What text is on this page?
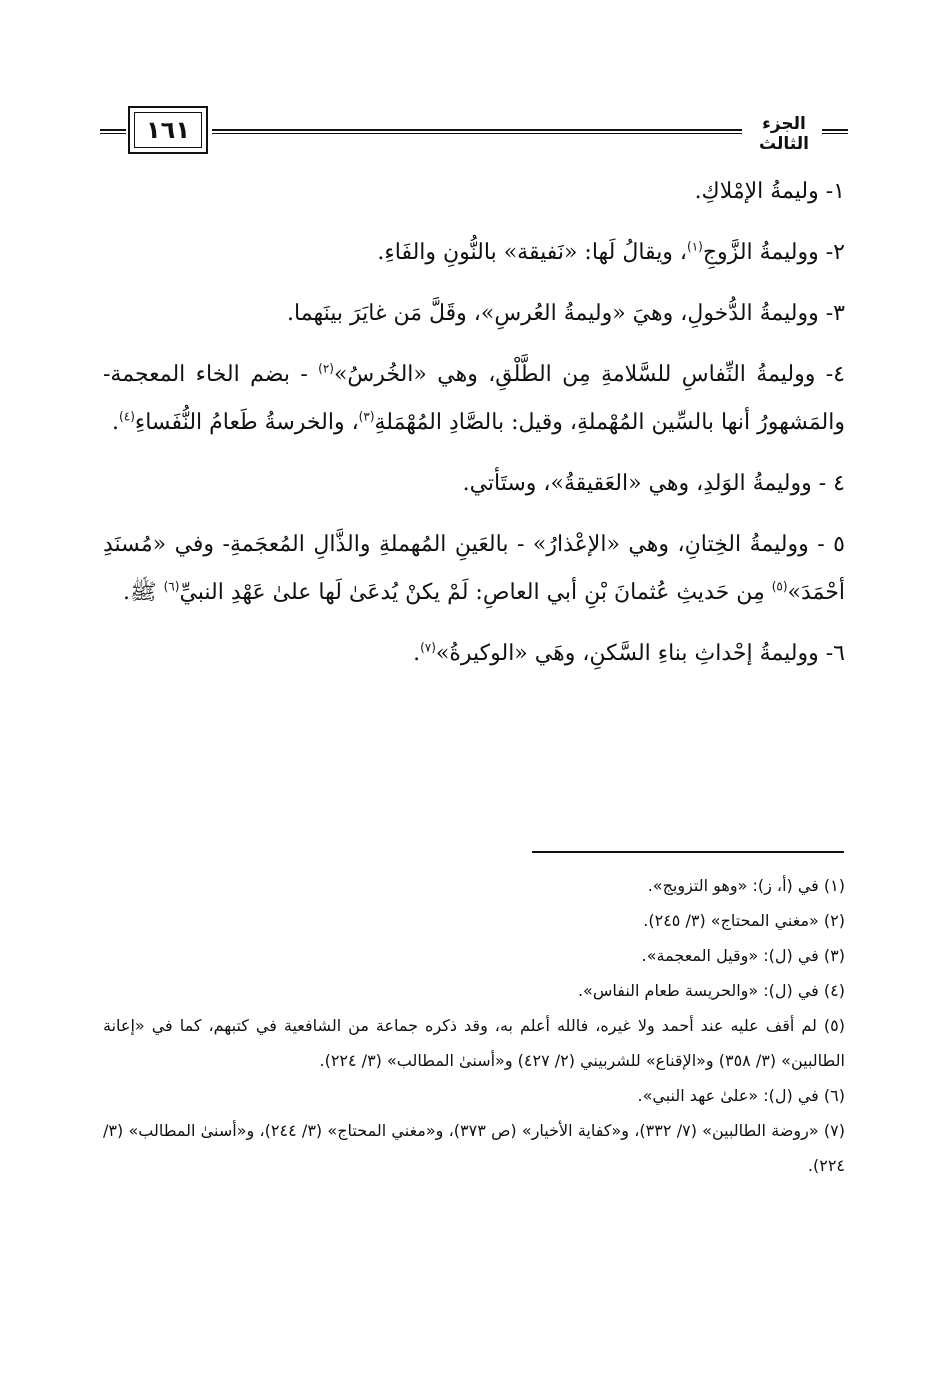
١٦١	الجزء الثالث

١- وليمةُ الإمْلاكِ.

٢- ووليمةُ الزَّوجِ$^{(١)}$، ويقالُ لَها: «نَفيقة» بالنُّونِ والفَاءِ.

٣- ووليمةُ الدُّخولِ، وهيَ «وليمةُ العُرسِ»، وقَلَّ مَن غايَرَ بينَهما.

٤- ووليمةُ النِّفاسِ للسَّلامةِ مِن الطَّلْقِ، وهي «الخُرسُ»$^{(٢)}$ - بضم الخاء المعجمة- والمَشهورُ أنها بالسِّين المُهْملةِ، وقيل: بالصَّادِ المُهْمَلةِ$^{(٣)}$، والخرسةُ طَعامُ النُّفَساءِ$^{(٤)}$.

٤ - ووليمةُ الوَلدِ، وهي «العَقيقةُ»، وستَأتي.

٥ - ووليمةُ الخِتانِ، وهي «الإعْذارُ» - بالعَينِ المُهملةِ والذَّالِ المُعجَمةِ- وفي «مُسنَدِ أحْمَدَ»$^{(٥)}$ مِن حَديثِ عُثمانَ بْنِ أبي العاصِ: لَمْ يكنْ يُدعَىٰ لَها علىٰ عَهْدِ النبيِّ$^{(٦)}$ ﷺ.

٦- ووليمةُ إحْداثِ بناءِ السَّكنِ، وهَي «الوكيرةُ»$^{(٧)}$.

(١) في (أ، ز): «وهو التزويج».

(٢) «مغني المحتاج» (٣/ ٢٤٥).

(٣) في (ل): «وقيل المعجمة».

(٤) في (ل): «والحريسة طعام النفاس».

(٥) لم أقف عليه عند أحمد ولا غيره، فالله أعلم به، وقد ذكره جماعة من الشافعية في كتبهم، كما في «إعانة الطالبين» (٣/ ٣٥٨) و«الإقناع» للشربيني (٢/ ٤٢٧) و«أسنىٰ المطالب» (٣/ ٢٢٤).

(٦) في (ل): «علىٰ عهد النبي».

(٧) «روضة الطالبين» (٧/ ٣٣٢)، و«كفاية الأخيار» (ص ٣٧٣)، و«مغني المحتاج» (٣/ ٢٤٤)، و«أسنىٰ المطالب» (٣/ ٢٢٤).
